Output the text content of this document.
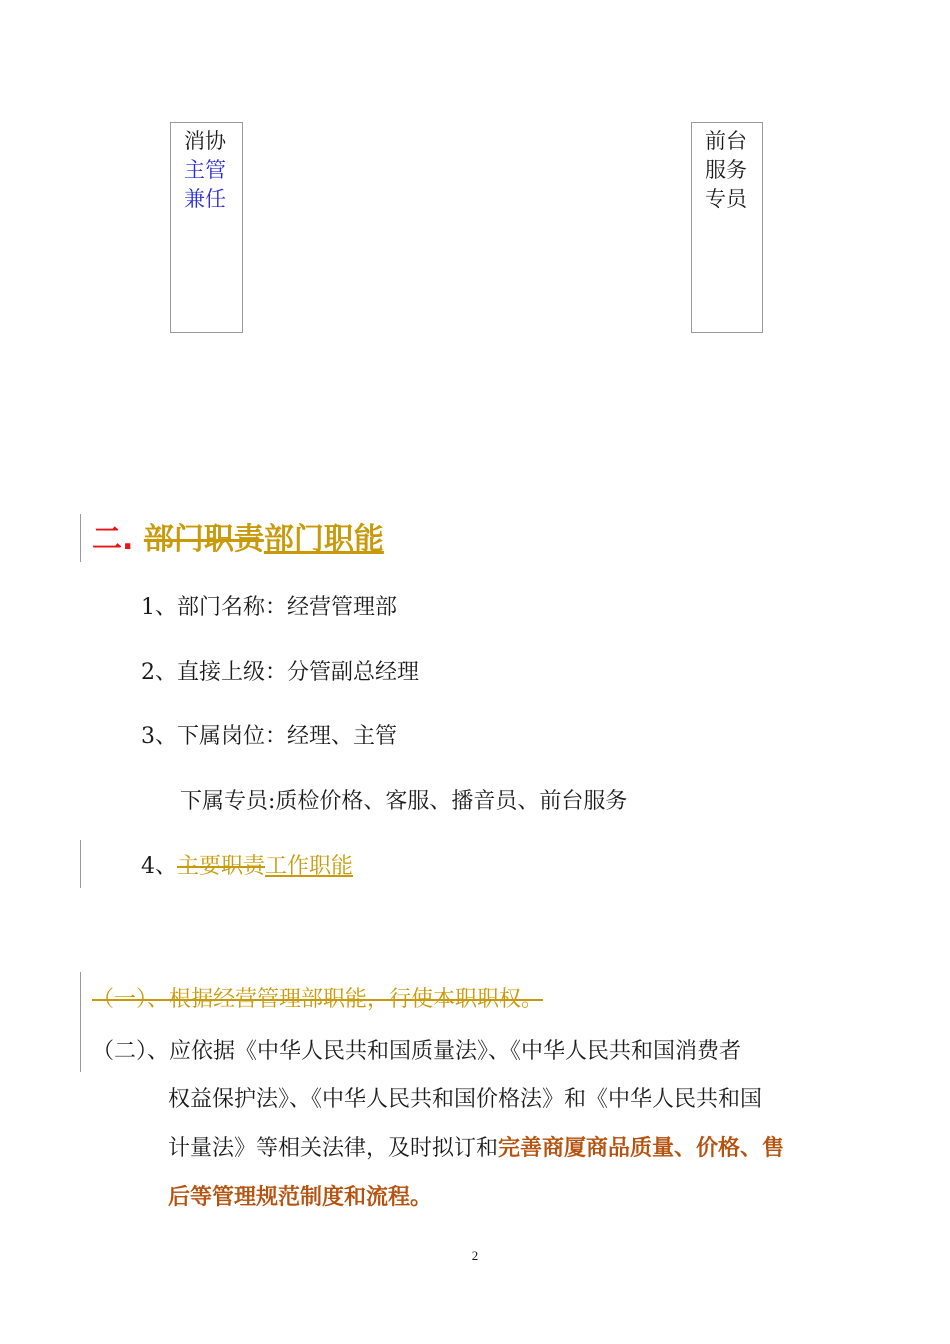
消协
主管
兼任
前台
服务
专员
二. 部门职责部门职能
1、部门名称：经营管理部
2、直接上级：分管副总经理
3、下属岗位：经理、主管
下属专员:质检价格、客服、播音员、前台服务
4、主要职责工作职能
（一）、根据经营管理部职能，行使本职职权。
（二）、应依据《中华人民共和国质量法》、《中华人民共和国消费者
权益保护法》、《中华人民共和国价格法》和《中华人民共和国
计量法》等相关法律，及时拟订和完善商厦商品质量、价格、售
后等管理规范制度和流程。
2
